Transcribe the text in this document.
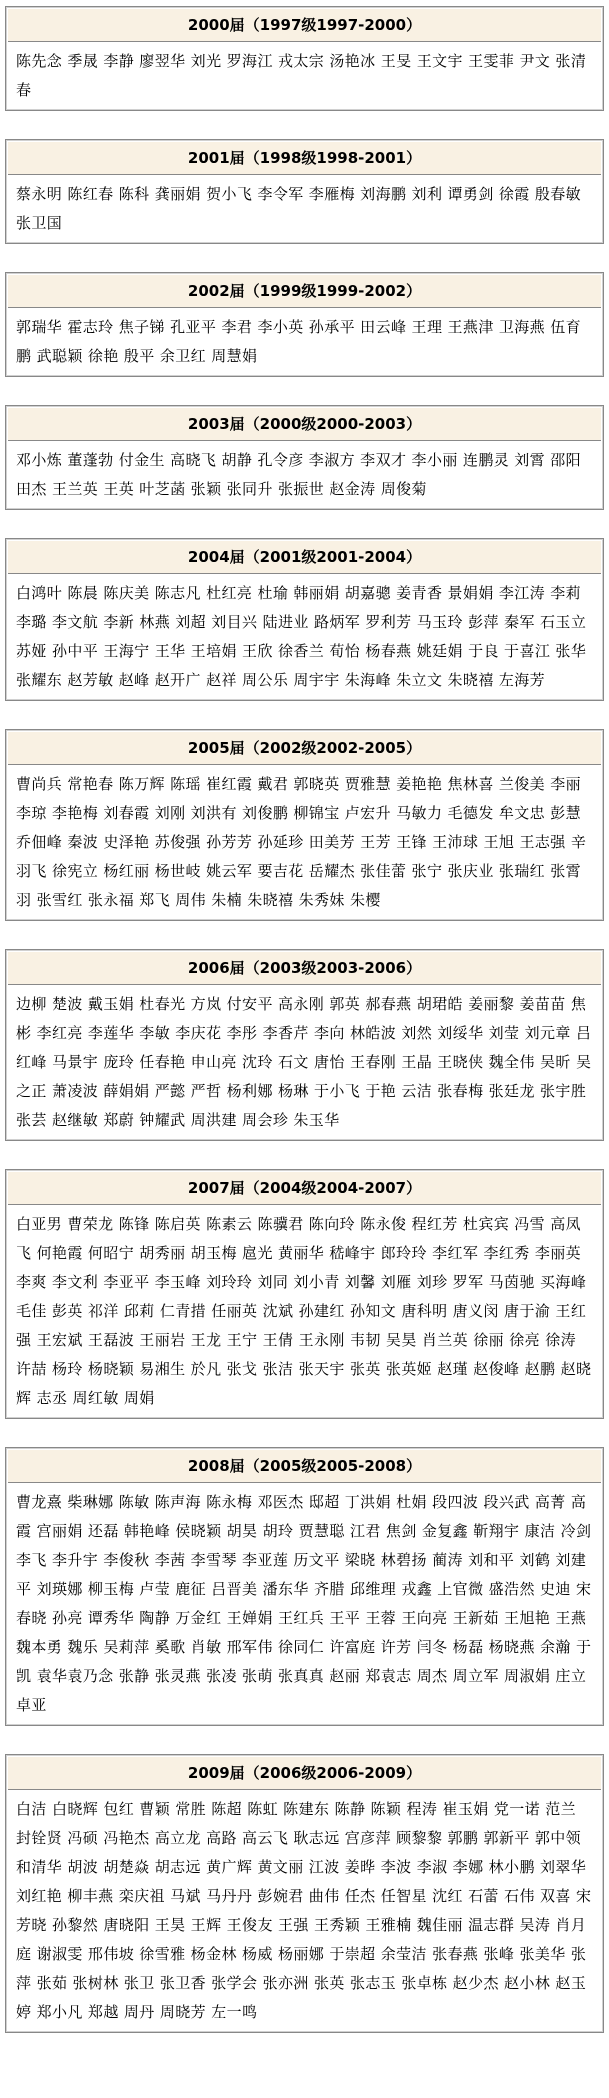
2000届（1997级1997-2000）
陈先念 季晟 李静 廖翌华 刘光 罗海江 戎太宗 汤艳冰 王旻 王文宇 王雯菲 尹文 张清春
2001届（1998级1998-2001）
蔡永明 陈红春 陈科 龚丽娟 贺小飞 李令军 李雁梅 刘海鹏 刘利 谭勇剑 徐霞 殷春敏 张卫国
2002届（1999级1999-2002）
郭瑞华 霍志玲 焦子锑 孔亚平 李君 李小英 孙承平 田云峰 王理 王燕津 卫海燕 伍育鹏 武聪颖 徐艳 殷平 余卫红 周慧娟
2003届（2000级2000-2003）
邓小炼 董蓬勃 付金生 高晓飞 胡静 孔令彦 李淑方 李双才 李小丽 连鹏灵 刘霄 邵阳 田杰 王兰英 王英 叶芝菡 张颖 张同升 张振世 赵金涛 周俊菊
2004届（2001级2001-2004）
白鸿叶 陈晨 陈庆美 陈志凡 杜红亮 杜瑜 韩丽娟 胡嘉骢 姜青香 景娟娟 李江涛 李莉 李璐 李文航 李新 林燕 刘超 刘目兴 陆进业 路炳军 罗利芳 马玉玲 彭萍 秦军 石玉立 苏娅 孙中平 王海宁 王华 王培娟 王欣 徐香兰 荀怡 杨春燕 姚廷娟 于良 于喜江 张华 张耀东 赵芳敏 赵峰 赵开广 赵祥 周公乐 周宇宇 朱海峰 朱立文 朱晓禧 左海芳
2005届（2002级2002-2005）
曹尚兵 常艳春 陈万辉 陈瑶 崔红霞 戴君 郭晓英 贾雅慧 姜艳艳 焦林喜 兰俊美 李丽 李琼 李艳梅 刘春霞 刘刚 刘洪有 刘俊鹏 柳锦宝 卢宏升 马敏力 毛德发 牟文忠 彭慧 乔佃峰 秦波 史泽艳 苏俊强 孙芳芳 孙延珍 田美芳 王芳 王锋 王沛球 王旭 王志强 辛羽飞 徐宪立 杨红丽 杨世岐 姚云军 要吉花 岳耀杰 张佳蕾 张宁 张庆业 张瑞红 张霄羽 张雪红 张永福 郑飞 周伟 朱楠 朱晓禧 朱秀妹 朱樱
2006届（2003级2003-2006）
边柳 楚波 戴玉娟 杜春光 方岚 付安平 高永刚 郭英 郝春燕 胡珺皓 姜丽黎 姜苗苗 焦彬 李红亮 李莲华 李敏 李庆花 李彤 李香芹 李向 林皓波 刘然 刘绥华 刘莹 刘元章 吕红峰 马景宇 庞玲 任春艳 申山亮 沈玲 石文 唐怡 王春刚 王晶 王晓侠 魏全伟 吴昕 吴之正 萧凌波 薛娟娟 严懿 严哲 杨利娜 杨琳 于小飞 于艳 云洁 张春梅 张廷龙 张宇胜 张芸 赵继敏 郑蔚 钟耀武 周洪建 周会珍 朱玉华
2007届（2004级2004-2007）
白亚男 曹荣龙 陈锋 陈启英 陈素云 陈骥君 陈向玲 陈永俊 程红芳 杜宾宾 冯雪 高凤飞 何艳霞 何昭宁 胡秀丽 胡玉梅 扈光 黄丽华 嵇峰宇 郎玲玲 李红军 李红秀 李丽英 李爽 李文利 李亚平 李玉峰 刘玲玲 刘同 刘小青 刘馨 刘雁 刘珍 罗军 马茵驰 买海峰 毛佳 彭英 祁洋 邱莉 仁青措 任丽英 沈斌 孙建红 孙知文 唐科明 唐义闵 唐于渝 王红强 王宏斌 王磊波 王丽岩 王龙 王宁 王倩 王永刚 韦韧 吴昊 肖兰英 徐丽 徐亮 徐涛 许喆 杨玲 杨晓颖 易湘生 於凡 张戈 张洁 张天宇 张英 张英姬 赵瑾 赵俊峰 赵鹏 赵晓辉 志丞 周红敏 周娟
2008届（2005级2005-2008）
曹龙熹 柴琳娜 陈敏 陈声海 陈永梅 邓医杰 邸超 丁洪娟 杜娟 段四波 段兴武 高菁 高霞 宫丽娟 还磊 韩艳峰 侯晓颖 胡昊 胡玲 贾慧聪 江君 焦剑 金复鑫 靳翔宇 康洁 冷剑 李飞 李升宇 李俊秋 李茜 李雪琴 李亚莲 历文平 梁晓 林碧扬 蔺涛 刘和平 刘鹤 刘建平 刘瑛娜 柳玉梅 卢莹 鹿征 吕晋美 潘东华 齐腊 邱维理 戎鑫 上官微 盛浩然 史迪 宋春晓 孙亮 谭秀华 陶静 万金红 王婵娟 王红兵 王平 王蓉 王向亮 王新茹 王旭艳 王燕 魏本勇 魏乐 吴莉萍 奚歌 肖敏 邢军伟 徐同仁 许富庭 许芳 闫冬 杨磊 杨晓燕 余瀚 于凯 袁华袁乃念 张静 张灵燕 张凌 张萌 张真真 赵丽 郑袁志 周杰 周立军 周淑娟 庄立 卓亚
2009届（2006级2006-2009）
白洁 白晓辉 包红 曹颖 常胜 陈超 陈虹 陈建东 陈静 陈颖 程涛 崔玉娟 党一诺 范兰 封铨贤 冯硕 冯艳杰 高立龙 高路 高云飞 耿志远 宫彦萍 顾黎黎 郭鹏 郭新平 郭中领 和清华 胡波 胡楚焱 胡志远 黄广辉 黄文丽 江波 姜晔 李波 李淑 李娜 林小鹏 刘翠华 刘红艳 柳丰燕 栾庆祖 马斌 马丹丹 彭婉君 曲伟 任杰 任智星 沈红 石蕾 石伟 双喜 宋芳晓 孙黎然 唐晓阳 王昊 王辉 王俊友 王强 王秀颖 王雅楠 魏佳丽 温志群 吴涛 肖月庭 谢淑雯 邢伟坡 徐雪雅 杨金林 杨威 杨丽娜 于崇超 余莹洁 张春燕 张峰 张美华 张萍 张茹 张树林 张卫 张卫香 张学会 张亦洲 张英 张志玉 张卓栋 赵少杰 赵小林 赵玉婷 郑小凡 郑越 周丹 周晓芳 左一鸣
